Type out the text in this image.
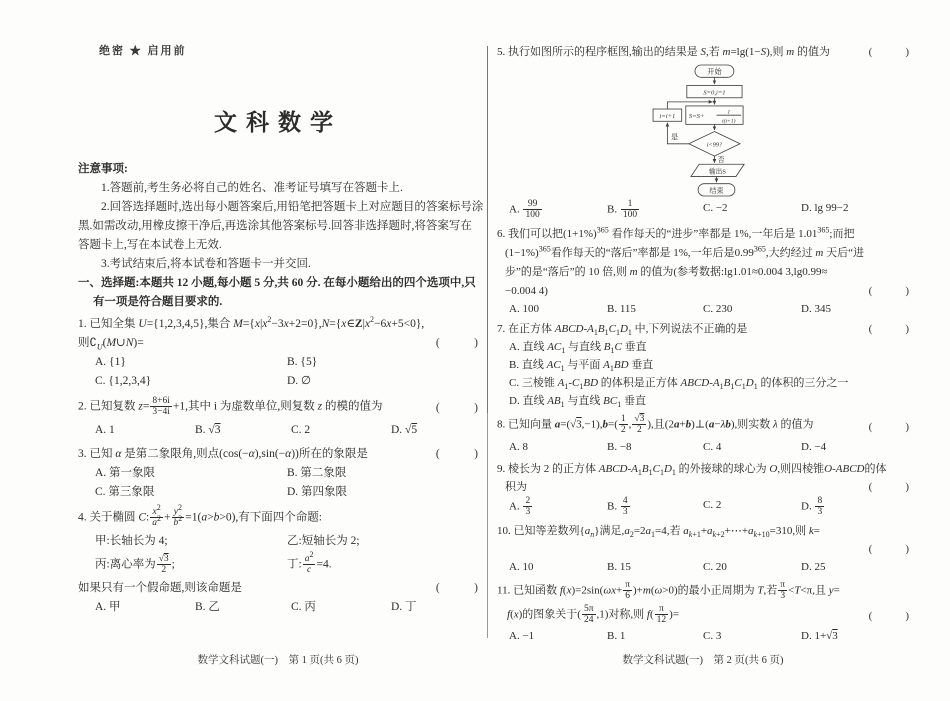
绝密 ★ 启用前
文科数学
注意事项:
1.答题前,考生务必将自己的姓名、准考证号填写在答题卡上.
2.回答选择题时,选出每小题答案后,用铅笔把答题卡上对应题目的答案标号涂
黑.如需改动,用橡皮擦干净后,再选涂其他答案标号.回答非选择题时,将答案写在
答题卡上,写在本试卷上无效.
3.考试结束后,将本试卷和答题卡一并交回.
一、选择题:本题共 12 小题,每小题 5 分,共 60 分. 在每小题给出的四个选项中,只
有一项是符合题目要求的.
1. 已知全集 U={1,2,3,4,5},集合 $M=\{x|x^2-3x+2=0\},N=\{x\in Z|x^2-6x+5<0\}$,
则$∁_U(M\cup N)=$	(　　　)
A. {1}	B. {5}
C. {1,2,3,4}	D. ∅
2. 已知复数 $z= \frac{8+6i}{3-4i} +1$,其中 i 为虚数单位,则复数 z 的模的值为	(　　　)
A. 1	B. √3	C. 2	D. √5
3. 已知 α 是第二象限角,则点(cos(−α),sin(−α))所在的象限是	(　　　)
A. 第一象限	B. 第二象限
C. 第三象限	D. 第四象限
4. 关于椭圆 C: $\frac{x^2}{a^2} + \frac{y^2}{b^2} =1(a>b>0)$,有下面四个命题:
甲:长轴长为 4;	乙:短轴长为 2;
丙:离心率为 $\frac{√3}{2}$ ;	丁: $\frac{a^2}{c} =4$.
如果只有一个假命题,则该命题是	(　　　)
A. 甲	B. 乙	C. 丙	D. 丁
5. 执行如图所示的程序框图,输出的结果是 S,若 m=lg(1−S),则 m 的值为	(　　　)
开始
S=0,i=1
i=i+1 S=S+
1
i(i+1)
i<99?
是
否
输出S
结束
A. $\frac{99}{100}$	B. $\frac{1}{100}$	C. −2	D. lg 99−2
6. 我们可以把$(1+1\%)^{365}$ 看作每天的“进步”率都是 1%,一年后是 1.01$^{365}$;而把
$(1-1\%)^{365}$看作每天的“落后”率都是 1%,一年后是0.99$^{365}$,大约经过 m 天后“进
步”的是“落后”的 10 倍,则 m 的值为(参考数据:lg1.01≈0.004 3,lg0.99≈
−0.004 4)	(　　　)
A. 100	B. 115	C. 230	D. 345
7. 在正方体 ABCD-$A_1B_1C_1D_1$ 中,下列说法不正确的是	(　　　)
A. 直线 $AC_1$ 与直线 $B_1C$ 垂直
B. 直线 $AC_1$ 与平面 $A_1BD$ 垂直
C. 三棱锥 $A_1-C_1BD$ 的体积是正方体 ABCD-$A_1B_1C_1D_1$ 的体积的三分之一
D. 直线 $AB_1$ 与直线 $BC_1$ 垂直
8. 已知向量 $a=(√3,-1),b=( \frac{1}{2}$ , $\frac{√3}{2}$ ),且(2a+b)⊥(a−λb),则实数 λ 的值为	(　　　)
A. 8	B. −8	C. 4	D. −4
9. 棱长为 2 的正方体 ABCD-$A_1B_1C_1D_1$ 的外接球的球心为 O,则四棱锥O-ABCD的体
积为	(　　　)
A. $\frac{2}{3}$	B. $\frac{4}{3}$	C. 2	D. $\frac{8}{3}$
10. 已知等差数列$\{a_n\}$满足$,a_2=2a_1=4$,若 $a_{k+1}+a_{k+2}+\cdots+a_{k+10}=310$,则 k=
(　　　)
A. 10	B. 15	C. 20	D. 25
11. 已知函数 $f(x)=2\sin(\omega x+ \frac{\pi}{6} )+m(\omega>0)$的最小正周期为 T,若 $\frac{\pi}{3} <T<\pi$,且 y=
f(x)的图象关于( $\frac{5\pi}{24} ,1$)对称,则 $f( \frac{\pi}{12}$ )=	(　　　)
A. −1	B. 1	C. 3	D. 1+√3
数学文科试题(一)　第 1 页(共 6 页)	数学文科试题(一)　第 2 页(共 6 页)
